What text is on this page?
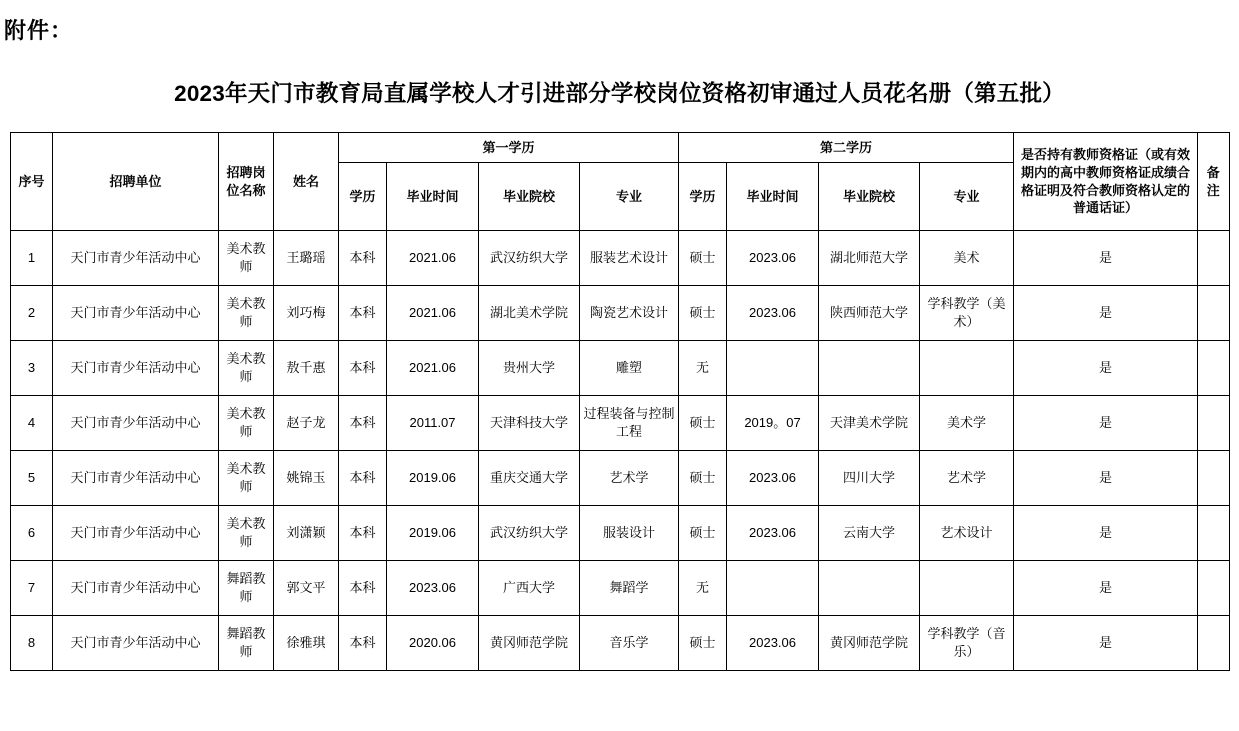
附件：
2023年天门市教育局直属学校人才引进部分学校岗位资格初审通过人员花名册（第五批）
序号	招聘单位	招聘岗位名称	姓名	第一学历				第二学历				是否持有教师资格证（或有效期内的高中教师资格证成绩合格证明及符合教师资格认定的普通话证）	备注
				学历	毕业时间	毕业院校	专业	学历	毕业时间	毕业院校	专业		

1	天门市青少年活动中心	美术教师	王璐瑶	本科	2021.06	武汉纺织大学	服装艺术设计	硕士	2023.06	湖北师范大学	美术	是	
2	天门市青少年活动中心	美术教师	刘巧梅	本科	2021.06	湖北美术学院	陶瓷艺术设计	硕士	2023.06	陕西师范大学	学科教学（美术）	是	
3	天门市青少年活动中心	美术教师	敖千惠	本科	2021.06	贵州大学	雕塑	无				是	
4	天门市青少年活动中心	美术教师	赵子龙	本科	2011.07	天津科技大学	过程装备与控制工程	硕士	2019。07	天津美术学院	美术学	是	
5	天门市青少年活动中心	美术教师	姚锦玉	本科	2019.06	重庆交通大学	艺术学	硕士	2023.06	四川大学	艺术学	是	
6	天门市青少年活动中心	美术教师	刘潇颖	本科	2019.06	武汉纺织大学	服装设计	硕士	2023.06	云南大学	艺术设计	是	
7	天门市青少年活动中心	舞蹈教师	郭文平	本科	2023.06	广西大学	舞蹈学	无				是	
8	天门市青少年活动中心	舞蹈教师	徐雅琪	本科	2020.06	黄冈师范学院	音乐学	硕士	2023.06	黄冈师范学院	学科教学（音乐）	是	
